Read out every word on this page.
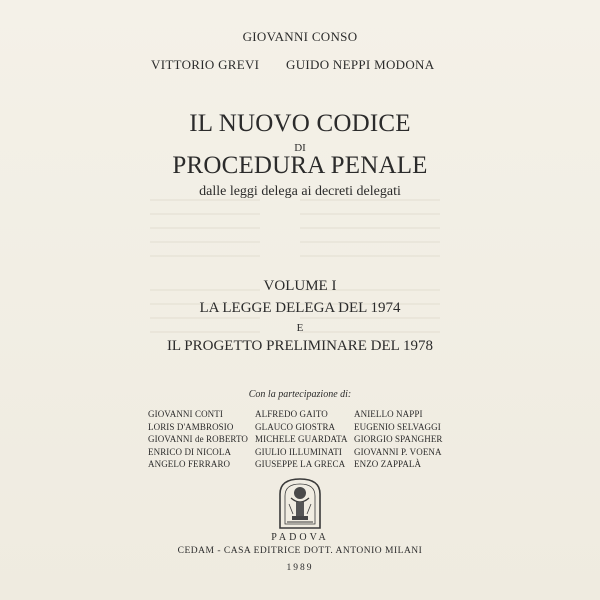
GIOVANNI CONSO
VITTORIO GREVI GUIDO NEPPI MODONA
IL NUOVO CODICE
DI
PROCEDURA PENALE
dalle leggi delega ai decreti delegati
VOLUME I
LA LEGGE DELEGA DEL 1974
E
IL PROGETTO PRELIMINARE DEL 1978
Con la partecipazione di:
GIOVANNI CONTI
LORIS D'AMBROSIO
GIOVANNI de ROBERTO
ENRICO DI NICOLA
ANGELO FERRARO
ALFREDO GAITO
GLAUCO GIOSTRA
MICHELE GUARDATA
GIULIO ILLUMINATI
GIUSEPPE LA GRECA
ANIELLO NAPPI
EUGENIO SELVAGGI
GIORGIO SPANGHER
GIOVANNI P. VOENA
ENZO ZAPPALÀ
PADOVA
CEDAM - CASA EDITRICE DOTT. ANTONIO MILANI
1989
